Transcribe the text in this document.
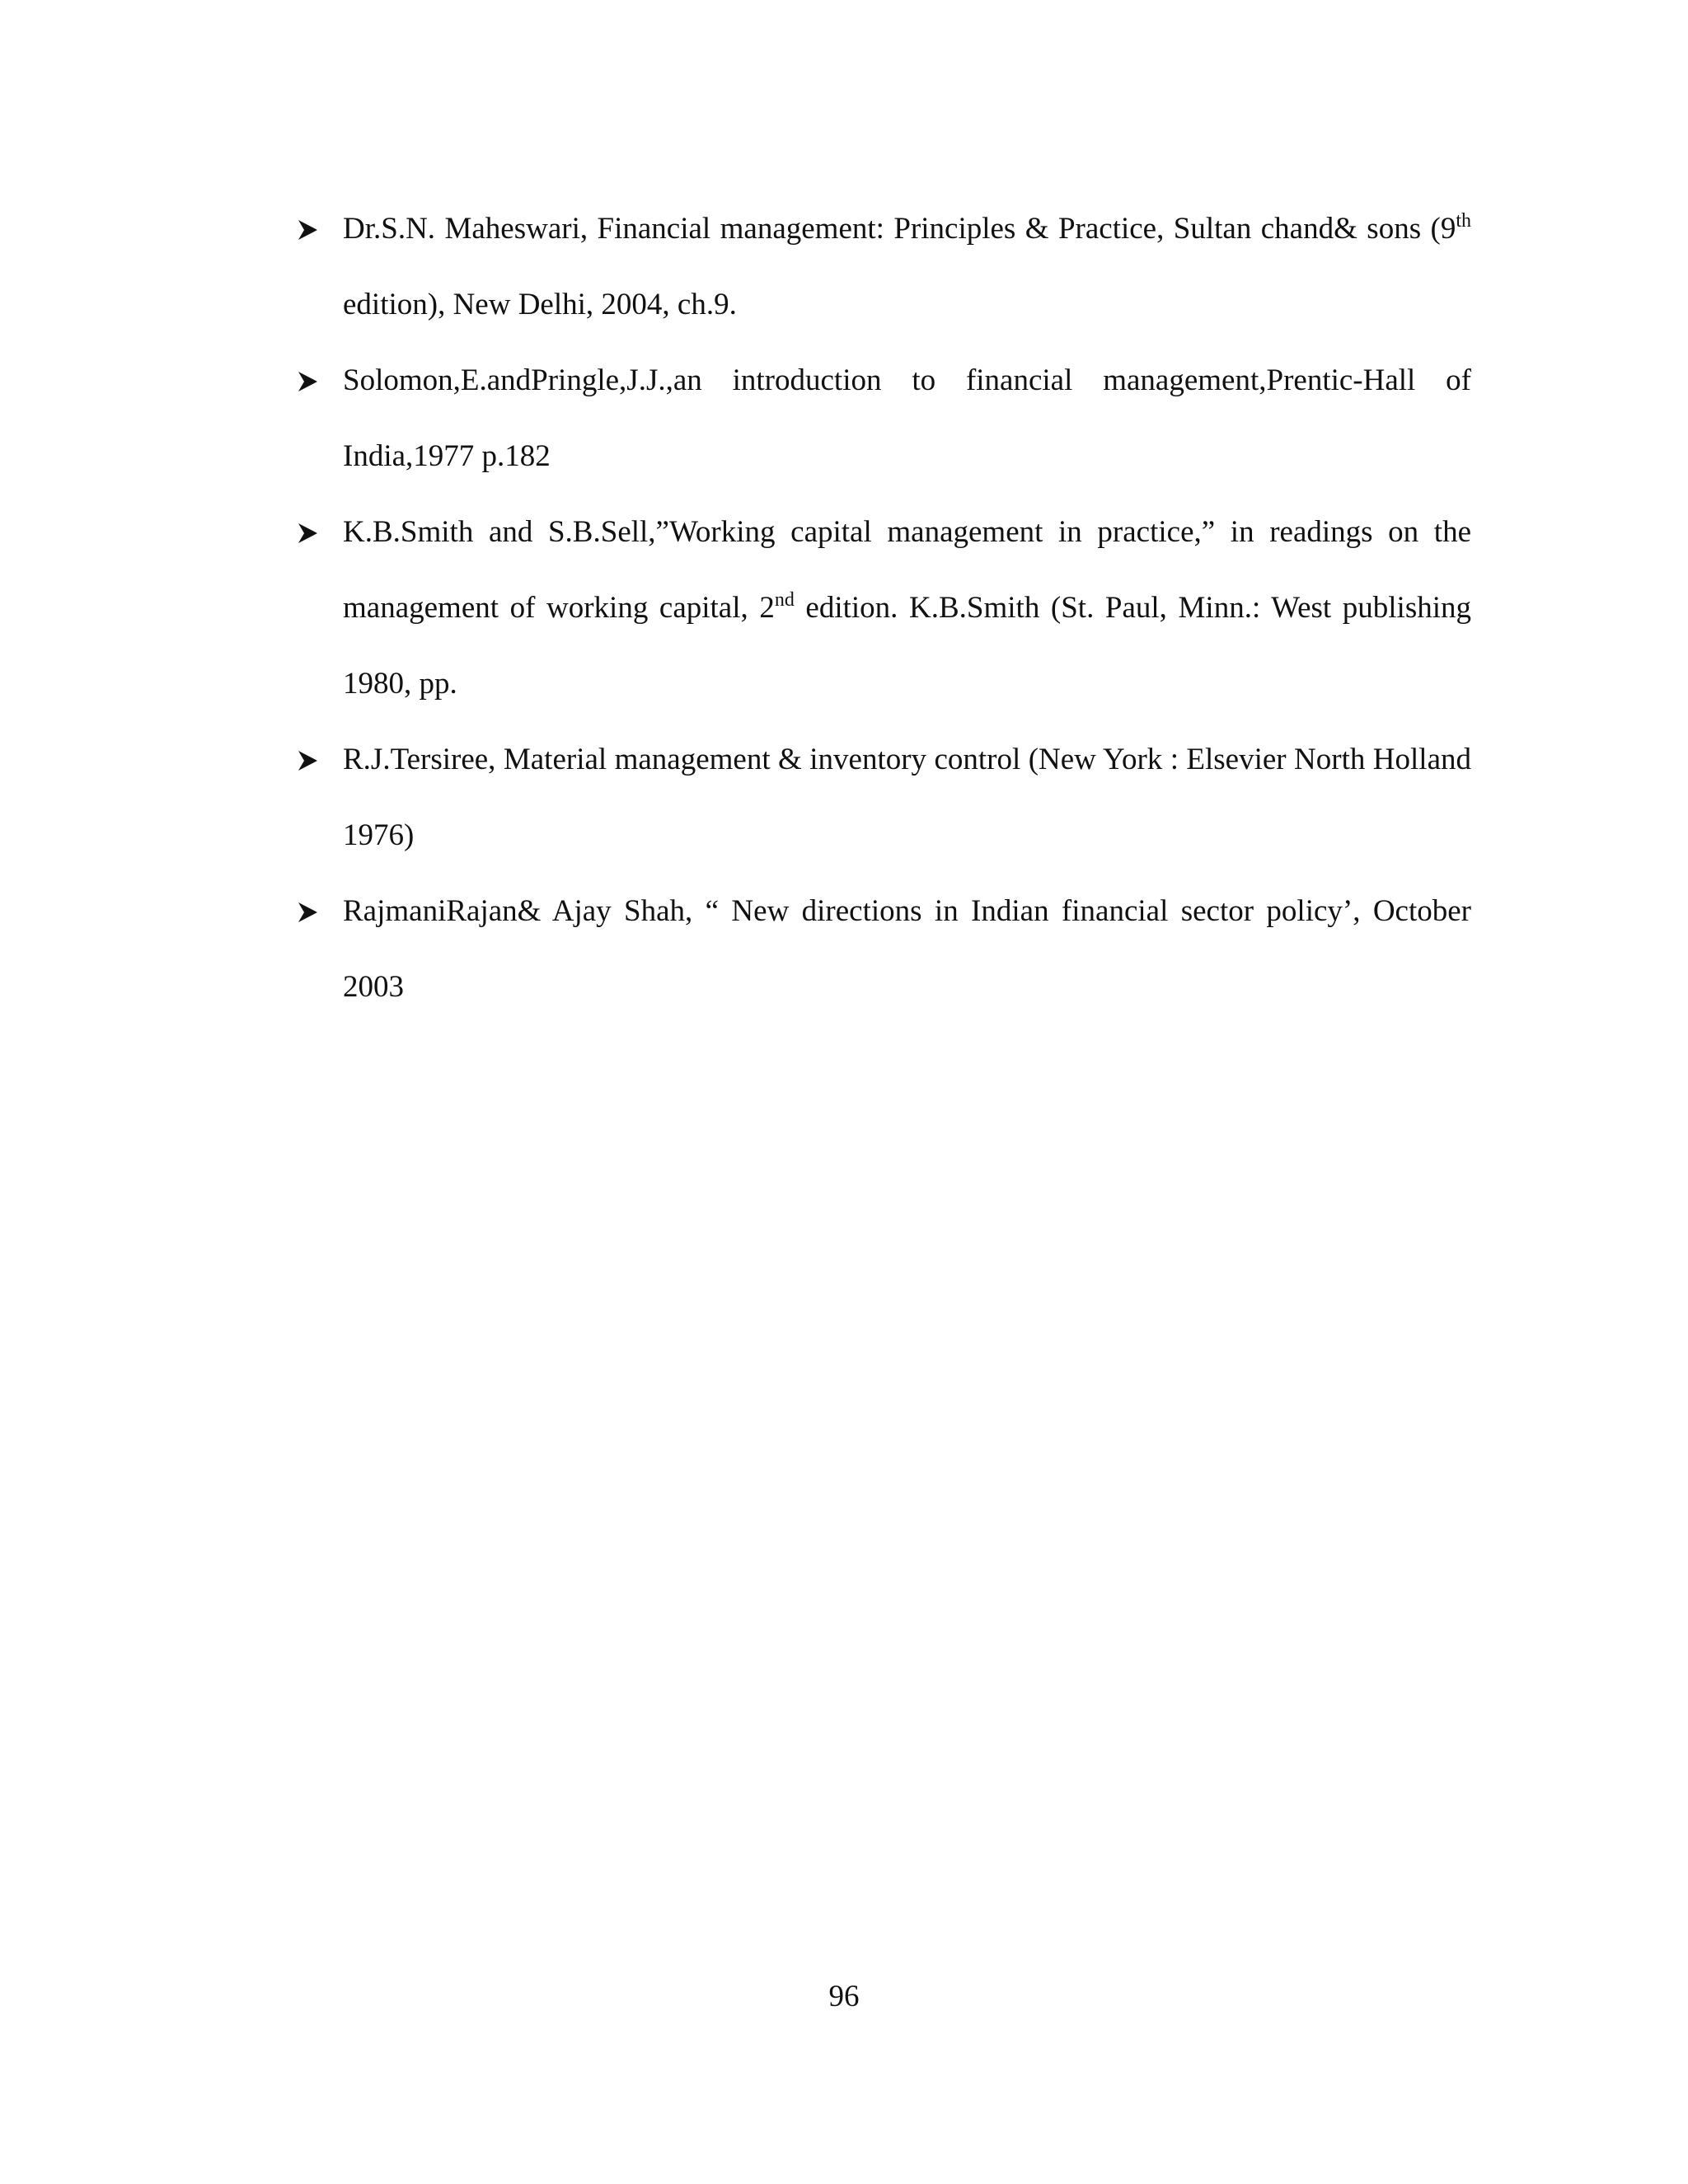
Dr.S.N. Maheswari, Financial management: Principles & Practice, Sultan chand& sons (9th edition), New Delhi, 2004, ch.9.
Solomon,E.andPringle,J.J.,an introduction to financial management,Prentic-Hall of India,1977 p.182
K.B.Smith and S.B.Sell,”Working capital management in practice,” in readings on the management of working capital, 2nd edition. K.B.Smith (St. Paul, Minn.: West publishing 1980, pp.
R.J.Tersiree, Material management & inventory control (New York : Elsevier North Holland 1976)
RajmaniRajan& Ajay Shah, “ New directions in Indian financial sector policy’, October 2003
96
